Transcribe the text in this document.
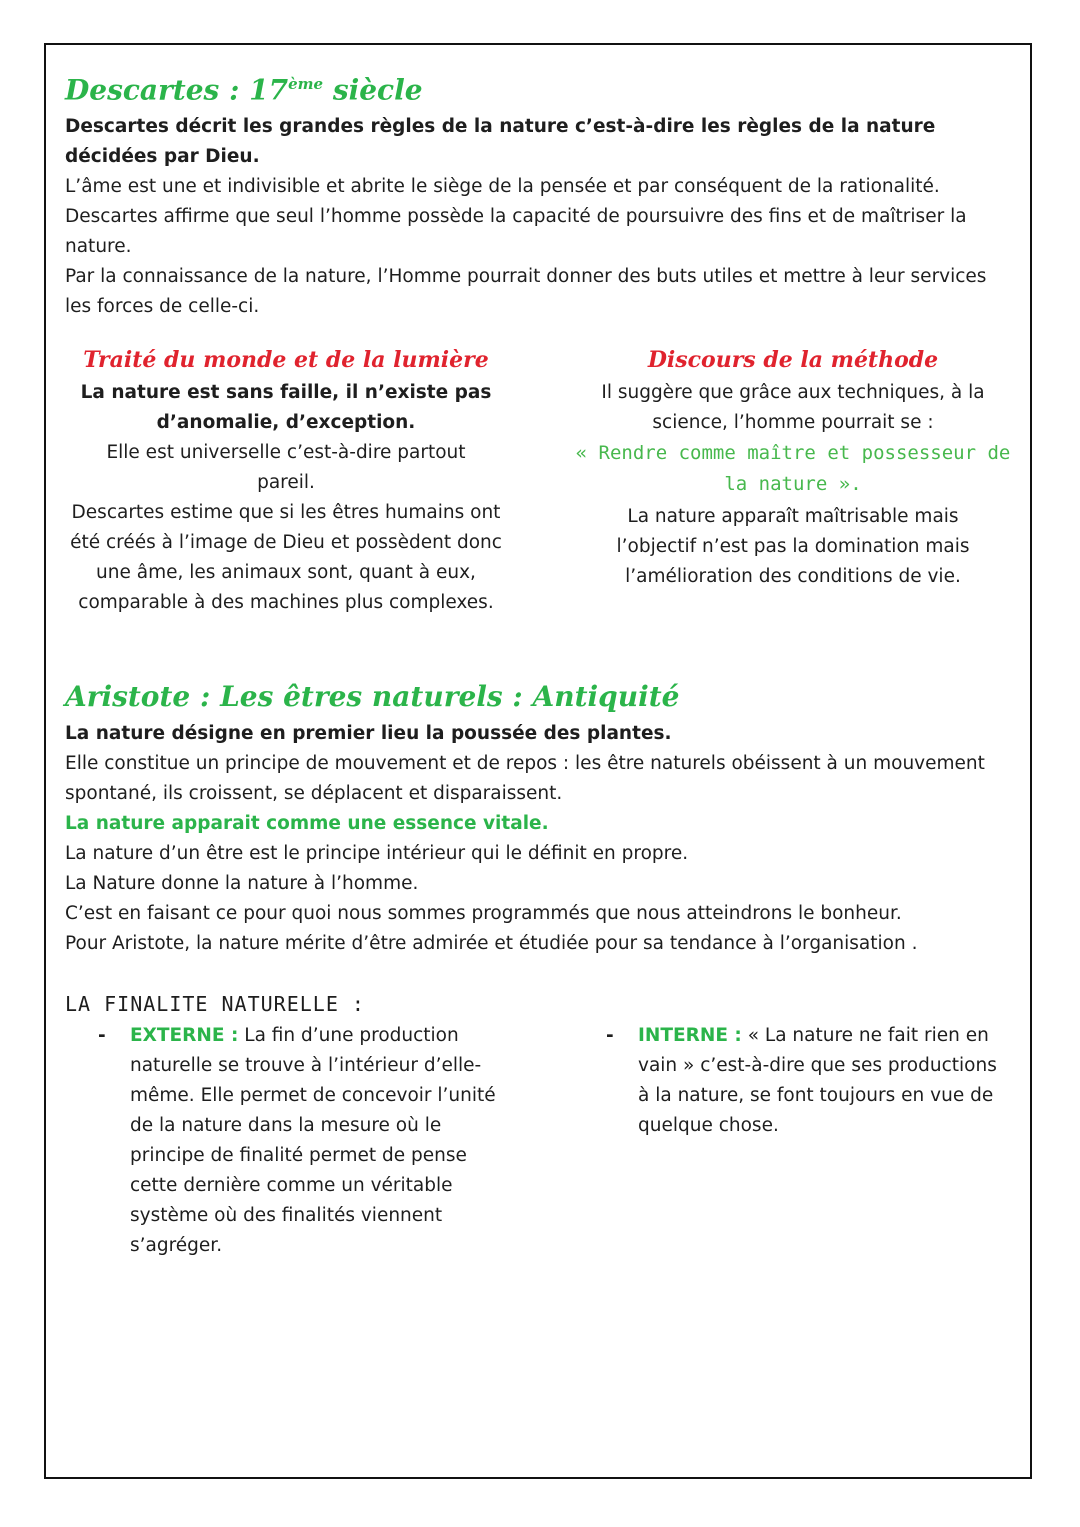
Descartes : 17ème siècle

Descartes décrit les grandes règles de la nature c’est-à-dire les règles de la nature décidées par Dieu.

L’âme est une et indivisible et abrite le siège de la pensée et par conséquent de la rationalité.

Descartes affirme que seul l’homme possède la capacité de poursuivre des fins et de maîtriser la nature.

Par la connaissance de la nature, l’Homme pourrait donner des buts utiles et mettre à leur services les forces de celle-ci.

Traité du monde et de la lumière

La nature est sans faille, il n’existe pas d’anomalie, d’exception.

Elle est universelle c’est-à-dire partout pareil.

Descartes estime que si les êtres humains ont été créés à l’image de Dieu et possèdent donc une âme, les animaux sont, quant à eux, comparable à des machines plus complexes.

Discours de la méthode

Il suggère que grâce aux techniques, à la science, l’homme pourrait se :

« Rendre comme maître et possesseur de la nature ».

La nature apparaît maîtrisable mais l’objectif n’est pas la domination mais l’amélioration des conditions de vie.

Aristote : Les êtres naturels : Antiquité

La nature désigne en premier lieu la poussée des plantes.

Elle constitue un principe de mouvement et de repos : les être naturels obéissent à un mouvement spontané, ils croissent, se déplacent et disparaissent.

La nature apparait comme une essence vitale.

La nature d’un être est le principe intérieur qui le définit en propre.

La Nature donne la nature à l’homme.

C’est en faisant ce pour quoi nous sommes programmés que nous atteindrons le bonheur.

Pour Aristote, la nature mérite d’être admirée et étudiée pour sa tendance à l’organisation .

LA FINALITE NATURELLE :
- EXTERNE : La fin d’une production naturelle se trouve à l’intérieur d’elle-même. Elle permet de concevoir l’unité de la nature dans la mesure où le principe de finalité permet de pense cette dernière comme un véritable système où des finalités viennent s’agréger.

- INTERNE : « La nature ne fait rien en vain » c’est-à-dire que ses productions à la nature, se font toujours en vue de quelque chose.
